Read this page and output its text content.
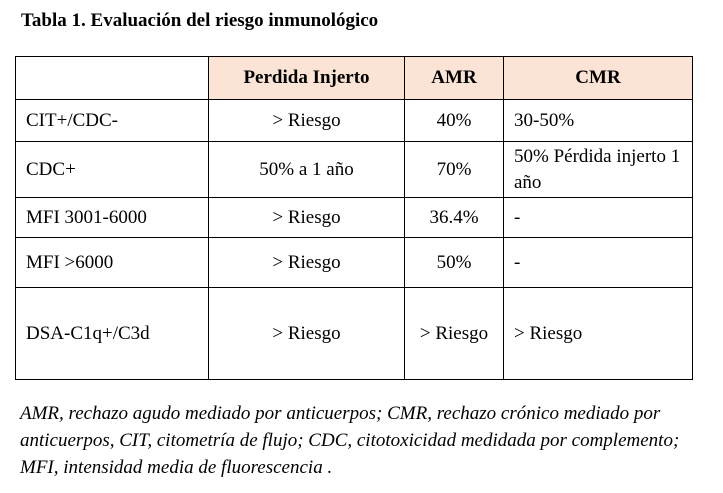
Tabla 1. Evaluación del riesgo inmunológico
	Perdida Injerto	AMR	CMR
CIT+/CDC-	> Riesgo	40%	30-50%
CDC+	50% a 1 año	70%	50% Pérdida injerto 1 año
MFI 3001-6000	> Riesgo	36.4%	-
MFI >6000	> Riesgo	50%	-
DSA-C1q+/C3d	> Riesgo	> Riesgo	> Riesgo
AMR, rechazo agudo mediado por anticuerpos; CMR, rechazo crónico mediado por anticuerpos, CIT, citometría de flujo; CDC, citotoxicidad medidada por complemento; MFI, intensidad media de fluorescencia .
